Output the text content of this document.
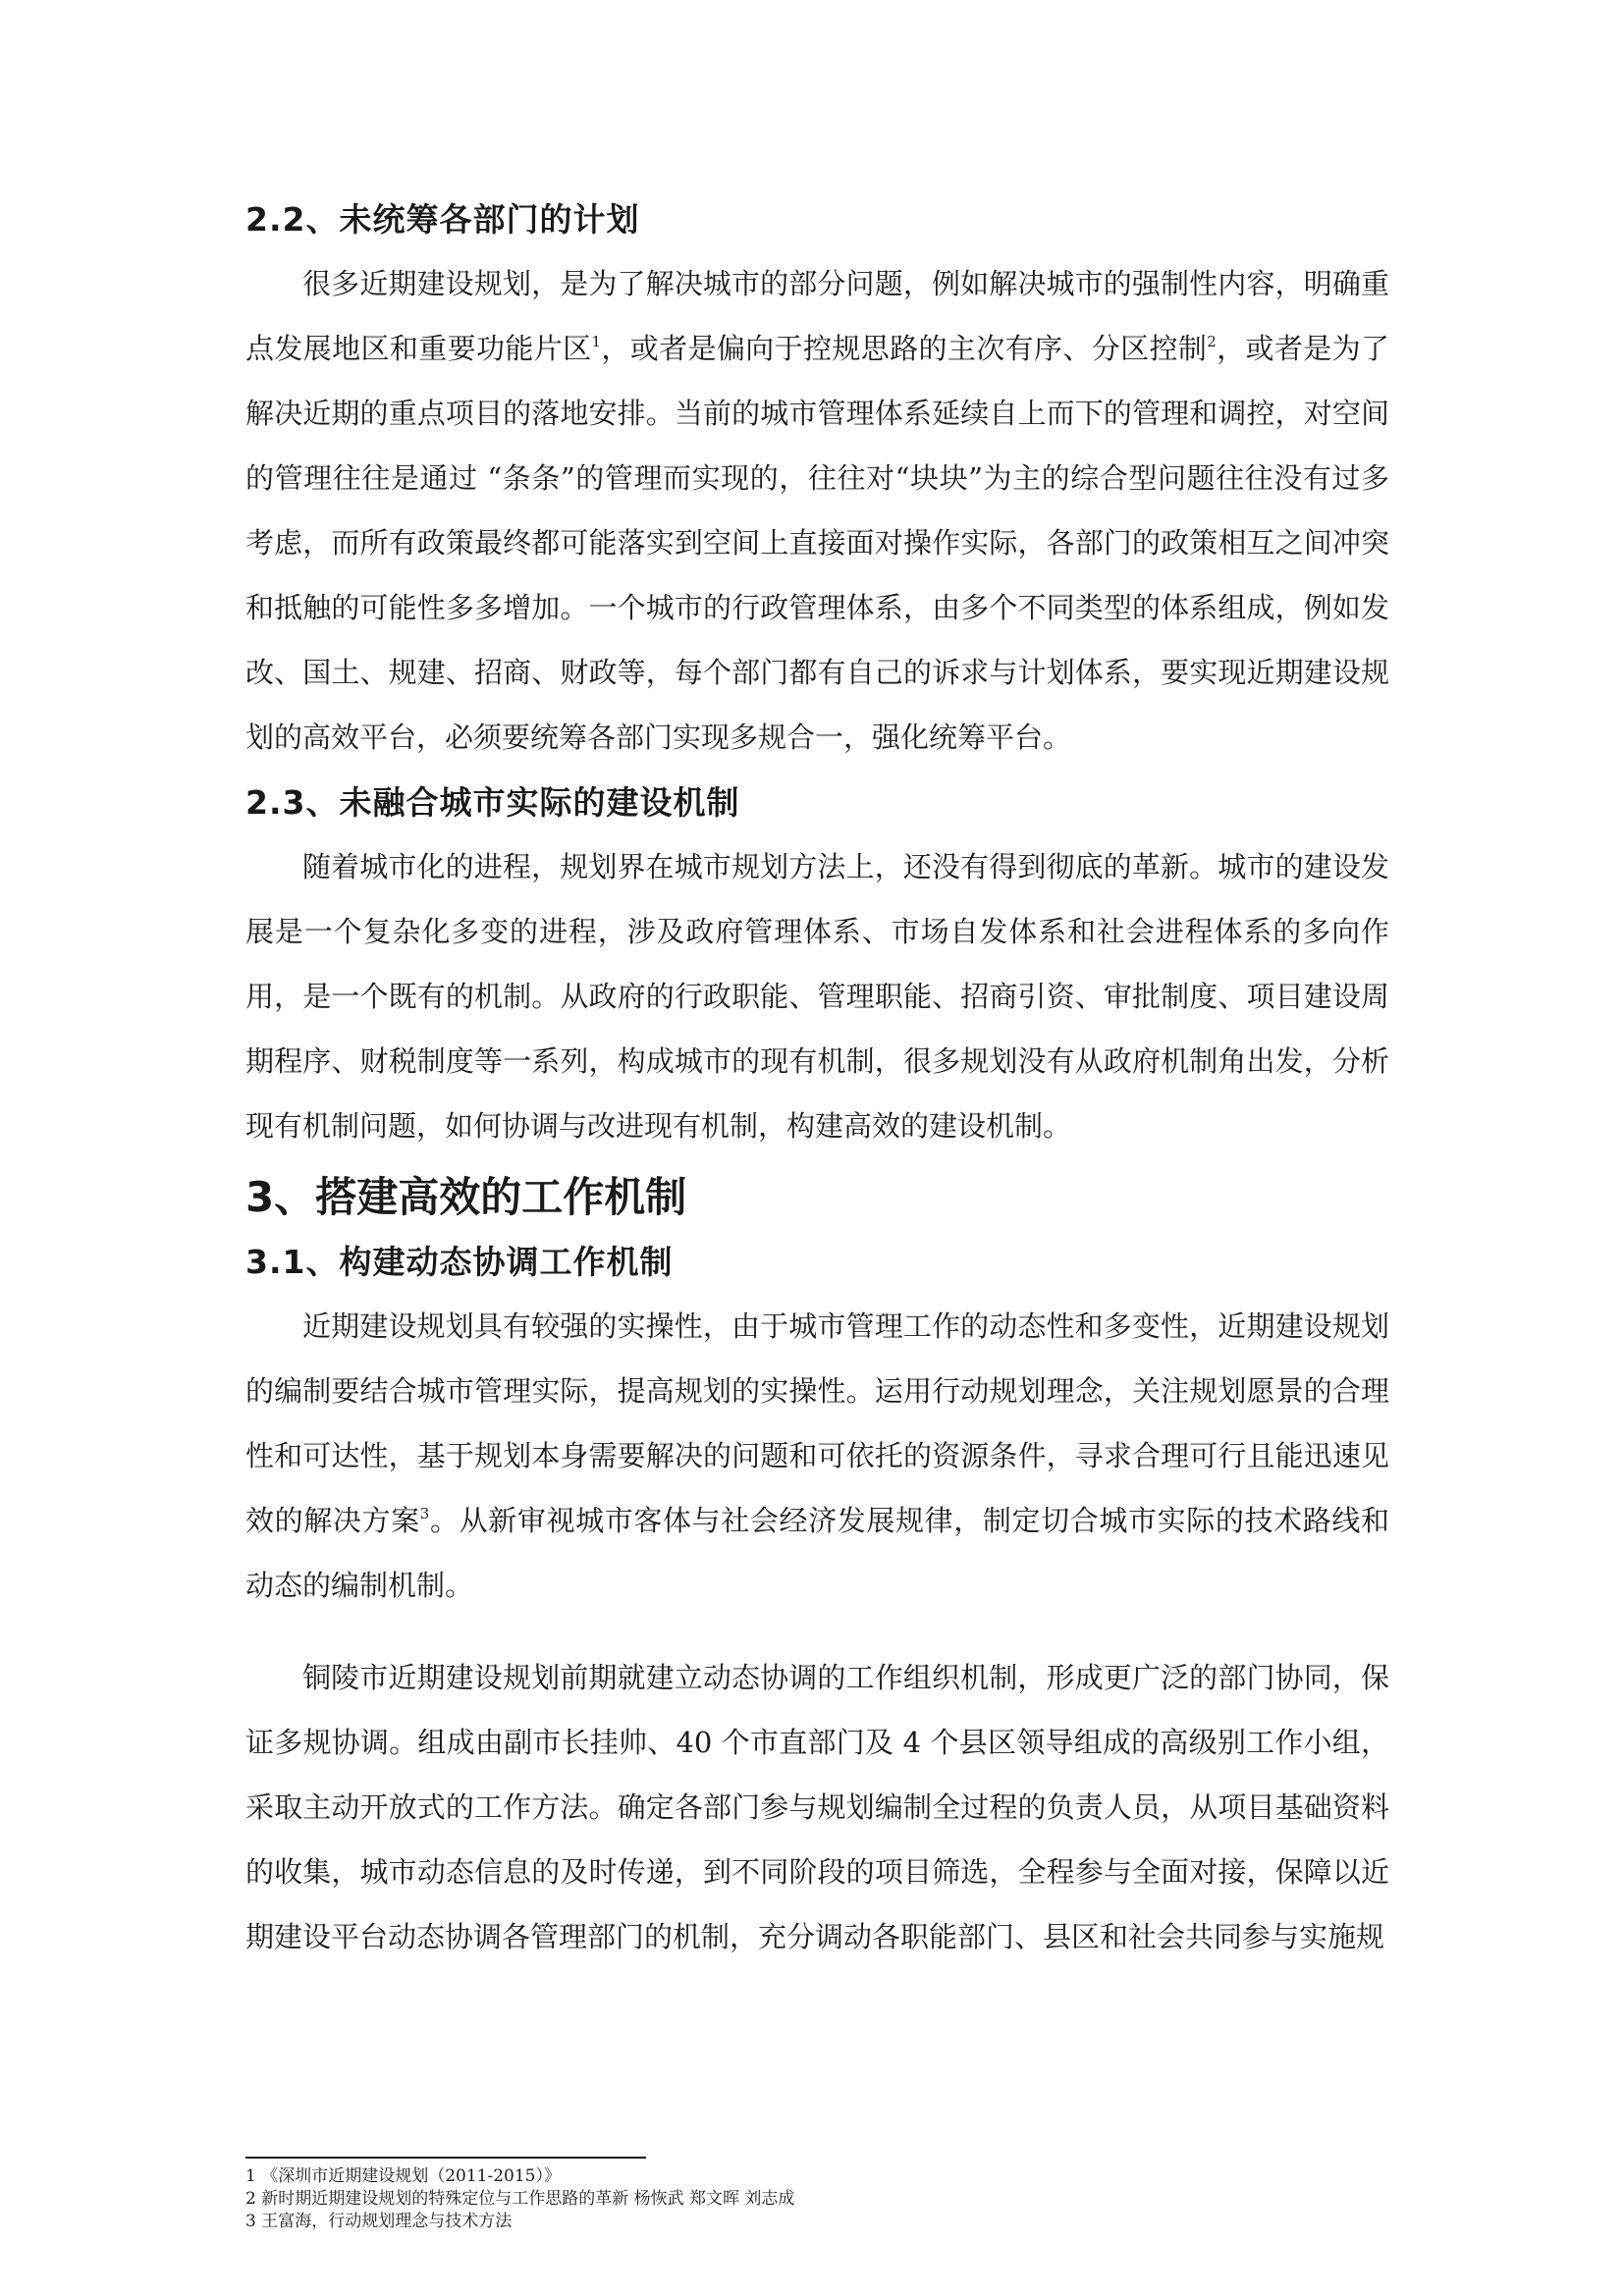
2.2、未统筹各部门的计划

很多近期建设规划，是为了解决城市的部分问题，例如解决城市的强制性内容，明确重点发展地区和重要功能片区$^1$，或者是偏向于控规思路的主次有序、分区控制$^2$，或者是为了解决近期的重点项目的落地安排。当前的城市管理体系延续自上而下的管理和调控，对空间的管理往往是通过 “条条”的管理而实现的，往往对“块块”为主的综合型问题往往没有过多考虑，而所有政策最终都可能落实到空间上直接面对操作实际，各部门的政策相互之间冲突和抵触的可能性多多增加。一个城市的行政管理体系，由多个不同类型的体系组成，例如发改、国土、规建、招商、财政等，每个部门都有自己的诉求与计划体系，要实现近期建设规划的高效平台，必须要统筹各部门实现多规合一，强化统筹平台。

2.3、未融合城市实际的建设机制

随着城市化的进程，规划界在城市规划方法上，还没有得到彻底的革新。城市的建设发展是一个复杂化多变的进程，涉及政府管理体系、市场自发体系和社会进程体系的多向作用，是一个既有的机制。从政府的行政职能、管理职能、招商引资、审批制度、项目建设周期程序、财税制度等一系列，构成城市的现有机制，很多规划没有从政府机制角出发，分析现有机制问题，如何协调与改进现有机制，构建高效的建设机制。

3、搭建高效的工作机制
3.1、构建动态协调工作机制

近期建设规划具有较强的实操性，由于城市管理工作的动态性和多变性，近期建设规划的编制要结合城市管理实际，提高规划的实操性。运用行动规划理念，关注规划愿景的合理性和可达性，基于规划本身需要解决的问题和可依托的资源条件，寻求合理可行且能迅速见效的解决方案$^3$。从新审视城市客体与社会经济发展规律，制定切合城市实际的技术路线和动态的编制机制。

铜陵市近期建设规划前期就建立动态协调的工作组织机制，形成更广泛的部门协同，保证多规协调。组成由副市长挂帅、40 个市直部门及 4 个县区领导组成的高级别工作小组，采取主动开放式的工作方法。确定各部门参与规划编制全过程的负责人员，从项目基础资料的收集，城市动态信息的及时传递，到不同阶段的项目筛选，全程参与全面对接，保障以近期建设平台动态协调各管理部门的机制，充分调动各职能部门、县区和社会共同参与实施规

1 《深圳市近期建设规划（2011-2015）》
2 新时期近期建设规划的特殊定位与工作思路的革新 杨恢武 郑文晖 刘志成
3 王富海，行动规划理念与技术方法
